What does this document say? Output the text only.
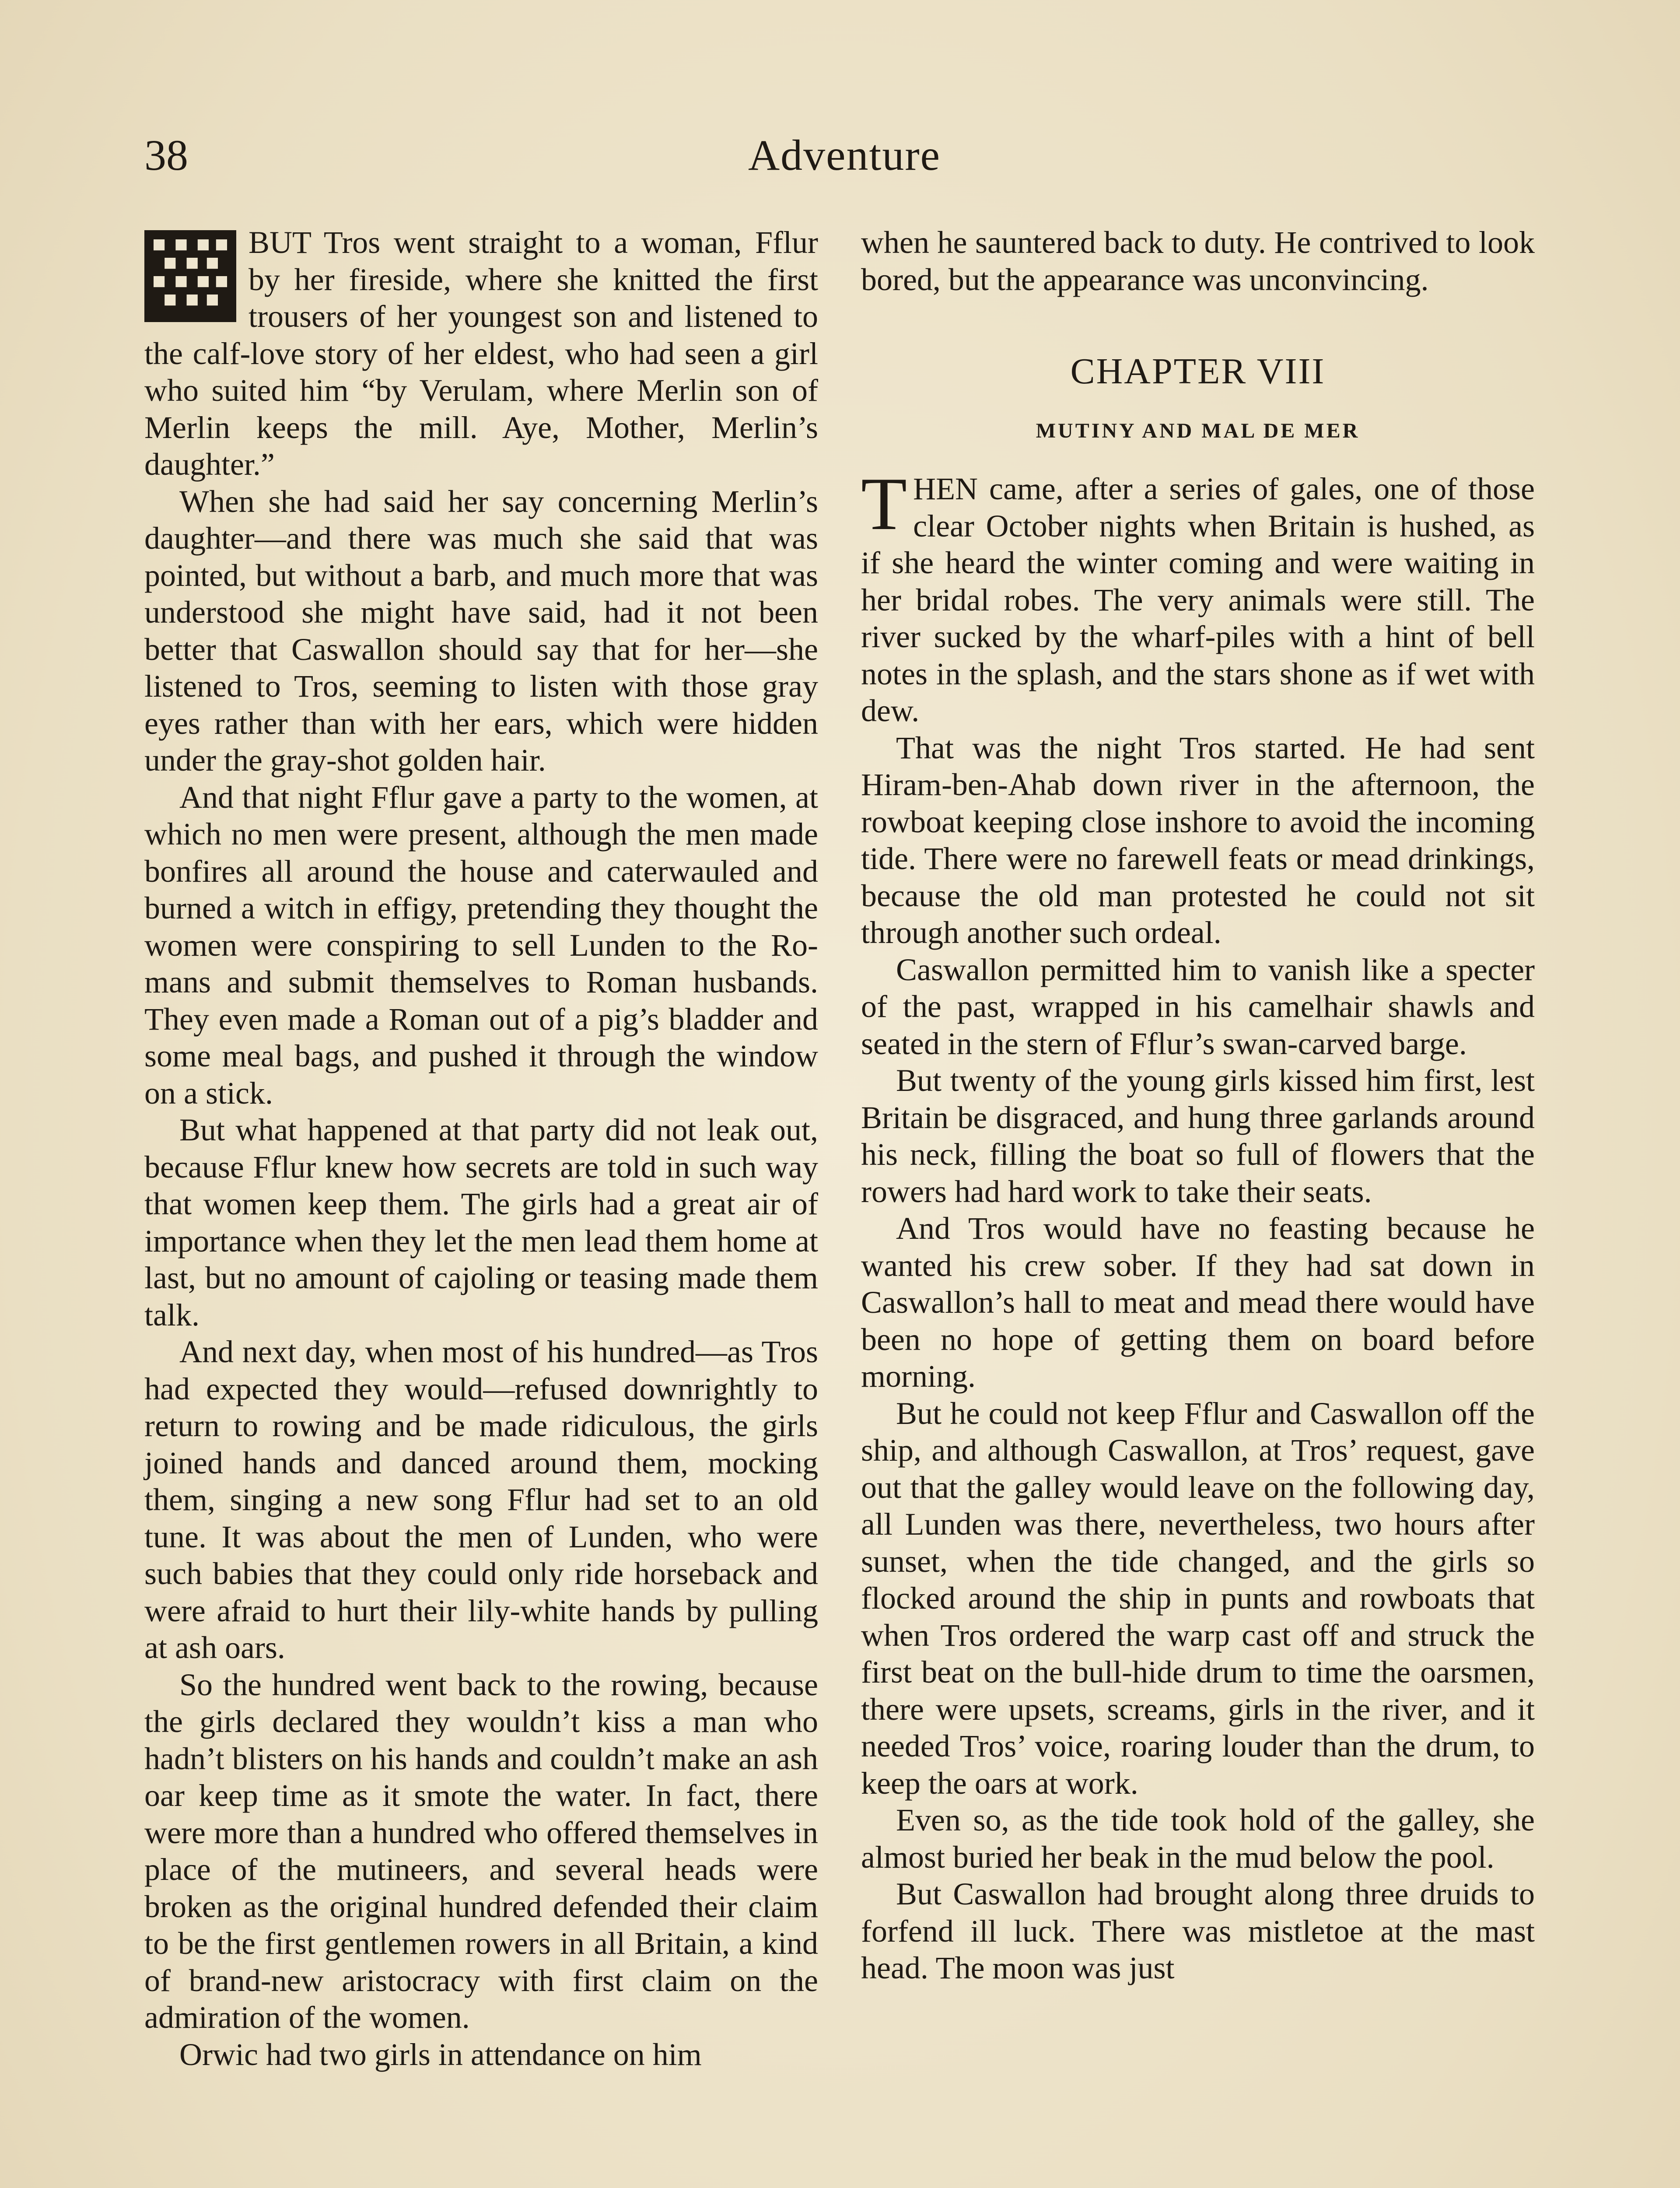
38	Adventure

BUT Tros went straight to a woman, Fflur by her fireside, where she knitted the first trousers of her youngest son and listened to the calf-love story of her eldest, who had seen a girl who suited him “by Verulam, where Merlin son of Merlin keeps the mill. Aye, Mother, Merlin’s daughter.”

When she had said her say concerning Merlin’s daughter—and there was much she said that was pointed, but without a barb, and much more that was understood she might have said, had it not been better that Caswallon should say that for her—she listened to Tros, seeming to listen with those gray eyes rather than with her ears, which were hidden under the gray-shot golden hair.

And that night Fflur gave a party to the women, at which no men were present, although the men made bonfires all around the house and caterwauled and burned a witch in effigy, pretending they thought the women were conspiring to sell Lunden to the Romans and submit themselves to Roman husbands. They even made a Roman out of a pig’s bladder and some meal bags, and pushed it through the window on a stick.

But what happened at that party did not leak out, because Fflur knew how secrets are told in such way that women keep them. The girls had a great air of importance when they let the men lead them home at last, but no amount of cajoling or teasing made them talk.

And next day, when most of his hundred—as Tros had expected they would—refused downrightly to return to rowing and be made ridiculous, the girls joined hands and danced around them, mocking them, singing a new song Fflur had set to an old tune. It was about the men of Lunden, who were such babies that they could only ride horseback and were afraid to hurt their lily-white hands by pulling at ash oars.

So the hundred went back to the rowing, because the girls declared they wouldn’t kiss a man who hadn’t blisters on his hands and couldn’t make an ash oar keep time as it smote the water. In fact, there were more than a hundred who offered themselves in place of the mutineers, and several heads were broken as the original hundred defended their claim to be the first gentlemen rowers in all Britain, a kind of brand-new aristocracy with first claim on the admiration of the women.

Orwic had two girls in attendance on him

when he sauntered back to duty. He contrived to look bored, but the appearance was unconvincing.

CHAPTER VIII
MUTINY AND MAL DE MER

THEN came, after a series of gales, one of those clear October nights when Britain is hushed, as if she heard the winter coming and were waiting in her bridal robes. The very animals were still. The river sucked by the wharf-piles with a hint of bell notes in the splash, and the stars shone as if wet with dew.

That was the night Tros started. He had sent Hiram-ben-Ahab down river in the afternoon, the rowboat keeping close inshore to avoid the incoming tide. There were no farewell feats or mead drinkings, because the old man protested he could not sit through another such ordeal.

Caswallon permitted him to vanish like a specter of the past, wrapped in his camelhair shawls and seated in the stern of Fflur’s swan-carved barge.

But twenty of the young girls kissed him first, lest Britain be disgraced, and hung three garlands around his neck, filling the boat so full of flowers that the rowers had hard work to take their seats.

And Tros would have no feasting because he wanted his crew sober. If they had sat down in Caswallon’s hall to meat and mead there would have been no hope of getting them on board before morning.

But he could not keep Fflur and Caswallon off the ship, and although Caswallon, at Tros’ request, gave out that the galley would leave on the following day, all Lunden was there, nevertheless, two hours after sunset, when the tide changed, and the girls so flocked around the ship in punts and rowboats that when Tros ordered the warp cast off and struck the first beat on the bull-hide drum to time the oarsmen, there were upsets, screams, girls in the river, and it needed Tros’ voice, roaring louder than the drum, to keep the oars at work.

Even so, as the tide took hold of the galley, she almost buried her beak in the mud below the pool.

But Caswallon had brought along three druids to forfend ill luck. There was mistletoe at the mast head. The moon was just
